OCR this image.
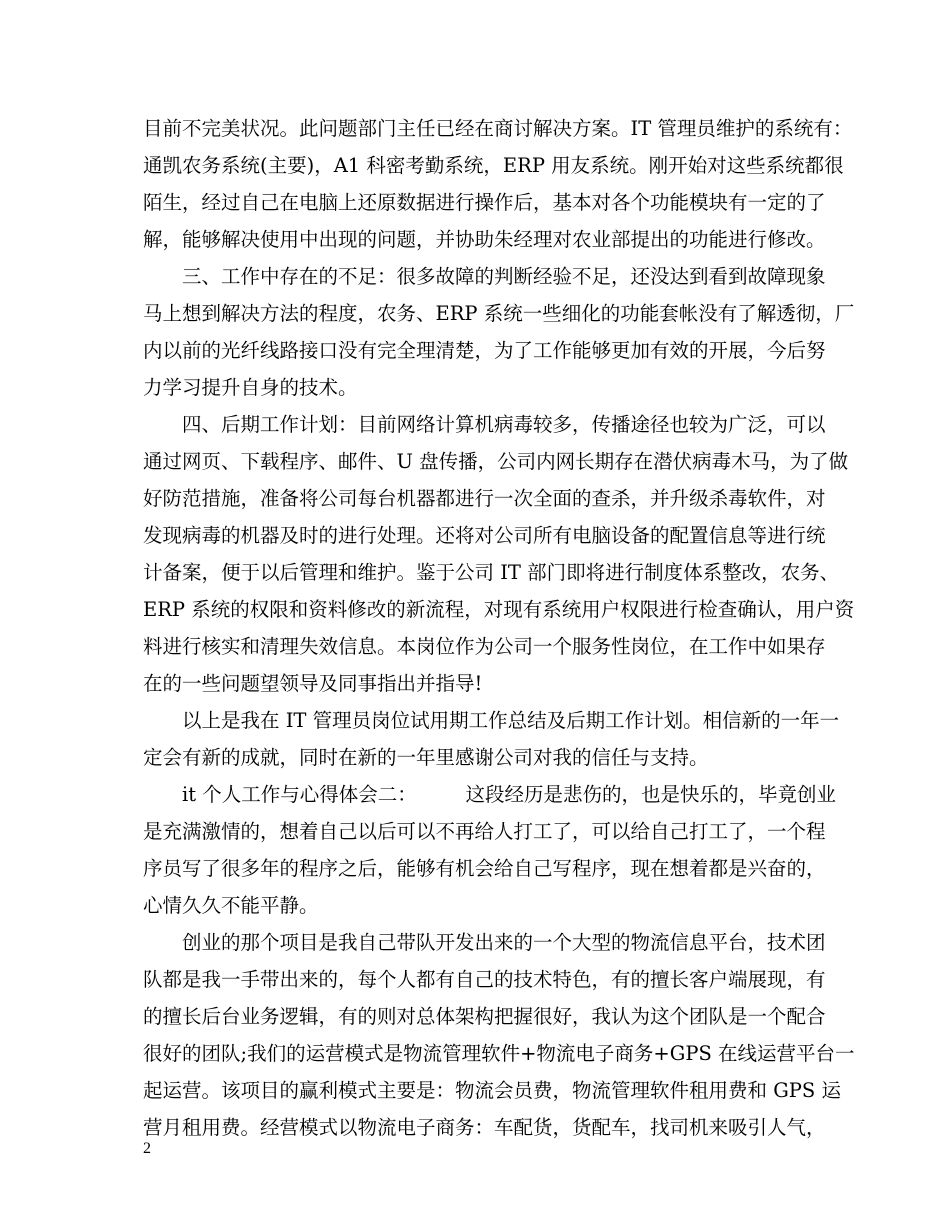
目前不完美状况。此问题部门主任已经在商讨解决方案。IT 管理员维护的系统有：
通凯农务系统(主要)，A1 科密考勤系统，ERP 用友系统。刚开始对这些系统都很
陌生，经过自己在电脑上还原数据进行操作后，基本对各个功能模块有一定的了
解，能够解决使用中出现的问题，并协助朱经理对农业部提出的功能进行修改。
　　三、工作中存在的不足：很多故障的判断经验不足，还没达到看到故障现象
马上想到解决方法的程度，农务、ERP 系统一些细化的功能套帐没有了解透彻，厂
内以前的光纤线路接口没有完全理清楚，为了工作能够更加有效的开展，今后努
力学习提升自身的技术。
　　四、后期工作计划：目前网络计算机病毒较多，传播途径也较为广泛，可以
通过网页、下载程序、邮件、U 盘传播，公司内网长期存在潜伏病毒木马，为了做
好防范措施，准备将公司每台机器都进行一次全面的查杀，并升级杀毒软件，对
发现病毒的机器及时的进行处理。还将对公司所有电脑设备的配置信息等进行统
计备案，便于以后管理和维护。鉴于公司 IT 部门即将进行制度体系整改，农务、
ERP 系统的权限和资料修改的新流程，对现有系统用户权限进行检查确认，用户资
料进行核实和清理失效信息。本岗位作为公司一个服务性岗位，在工作中如果存
在的一些问题望领导及同事指出并指导!
　　以上是我在 IT 管理员岗位试用期工作总结及后期工作计划。相信新的一年一
定会有新的成就，同时在新的一年里感谢公司对我的信任与支持。
　　it 个人工作与心得体会二：　　　这段经历是悲伤的，也是快乐的，毕竟创业
是充满激情的，想着自己以后可以不再给人打工了，可以给自己打工了，一个程
序员写了很多年的程序之后，能够有机会给自己写程序，现在想着都是兴奋的，
心情久久不能平静。
　　创业的那个项目是我自己带队开发出来的一个大型的物流信息平台，技术团
队都是我一手带出来的，每个人都有自己的技术特色，有的擅长客户端展现，有
的擅长后台业务逻辑，有的则对总体架构把握很好，我认为这个团队是一个配合
很好的团队;我们的运营模式是物流管理软件+物流电子商务+GPS 在线运营平台一
起运营。该项目的赢利模式主要是：物流会员费，物流管理软件租用费和 GPS 运
营月租用费。经营模式以物流电子商务：车配货，货配车，找司机来吸引人气，
2
